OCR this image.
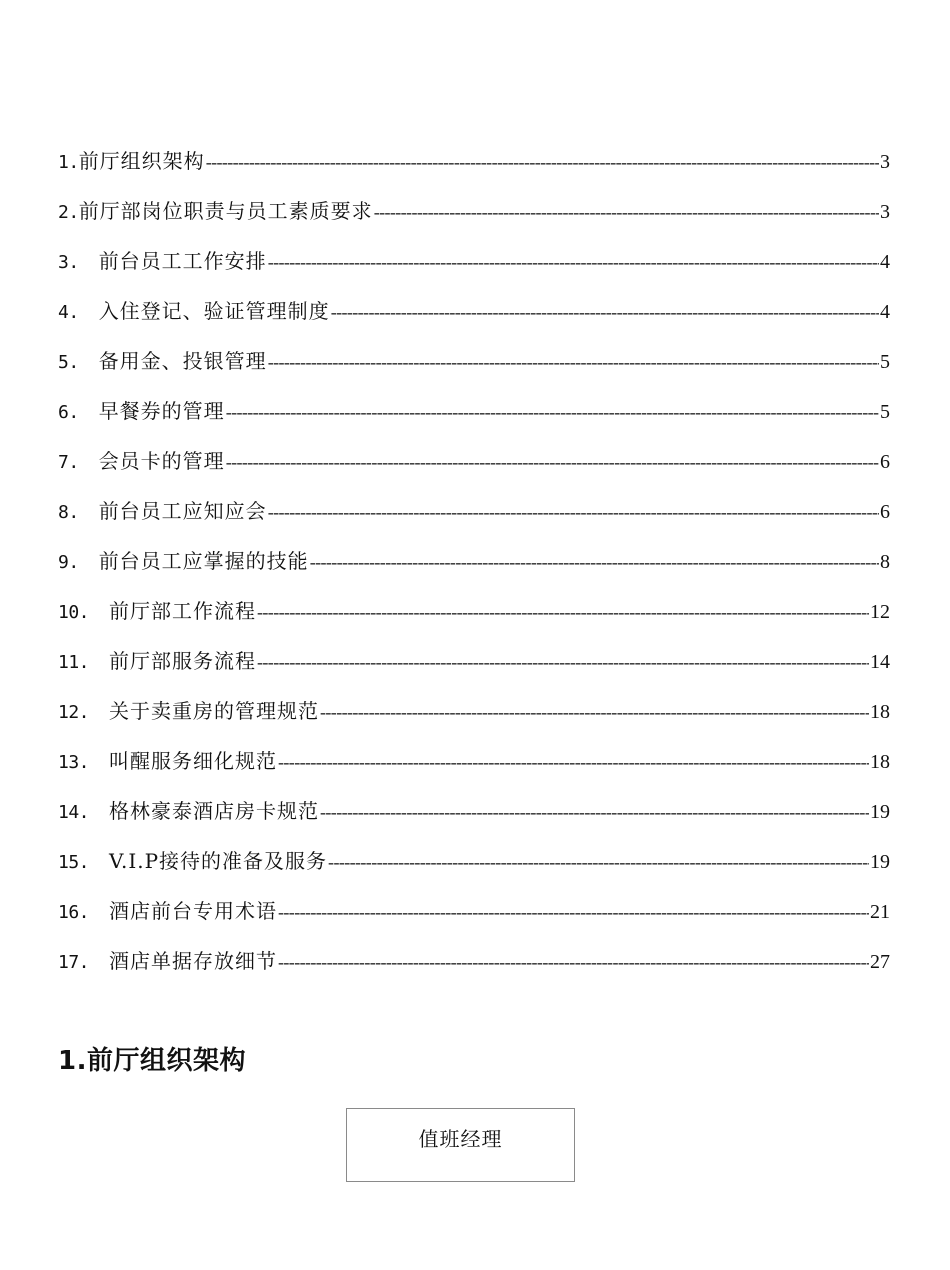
1. 前厅组织架构 -----	3
2. 前厅部岗位职责与员工素质要求 -----	3
3. 前台员工工作安排 -----	4
4. 入住登记、验证管理制度 -----	4
5. 备用金、投银管理 -----	5
6. 早餐券的管理 -----	5
7. 会员卡的管理 -----	6
8. 前台员工应知应会 -----	6
9. 前台员工应掌握的技能 -----	8
10. 前厅部工作流程 -----	12
11. 前厅部服务流程 -----	14
12. 关于卖重房的管理规范 -----	18
13. 叫醒服务细化规范 -----	18
14. 格林豪泰酒店房卡规范 -----	19
15. V.I.P接待的准备及服务 -----	19
16. 酒店前台专用术语 -----	21
17. 酒店单据存放细节 -----	27
1.前厅组织架构
值班经理
